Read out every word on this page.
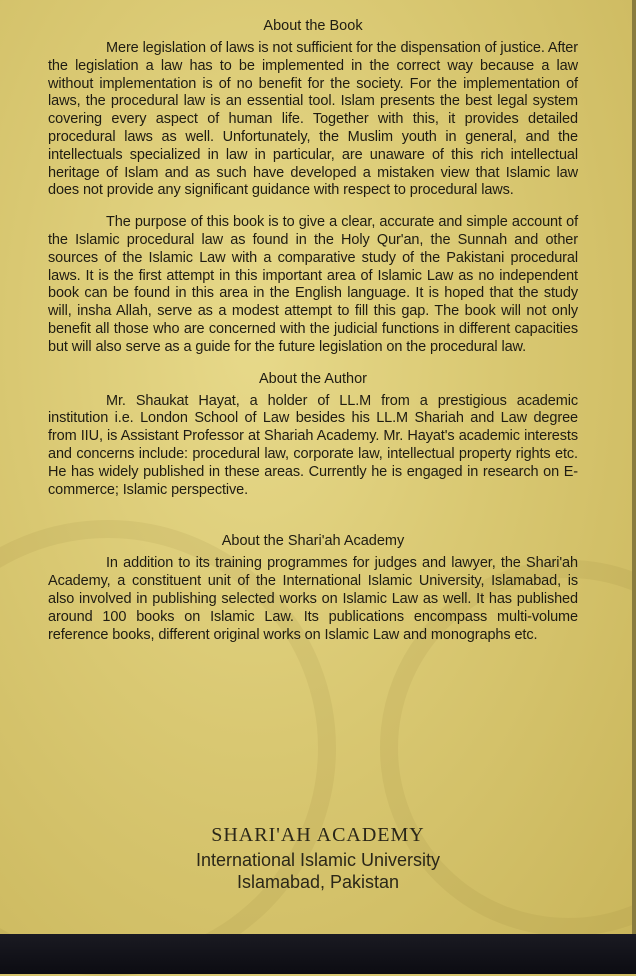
About the Book

Mere legislation of laws is not sufficient for the dispensation of justice. After the legislation a law has to be implemented in the correct way because a law without implementation is of no benefit for the society. For the implementation of laws, the procedural law is an essential tool. Islam presents the best legal system covering every aspect of human life. Together with this, it provides detailed procedural laws as well. Unfortunately, the Muslim youth in general, and the intellectuals specialized in law in particular, are unaware of this rich intellectual heritage of Islam and as such have developed a mistaken view that Islamic law does not provide any significant guidance with respect to procedural laws.

The purpose of this book is to give a clear, accurate and simple account of the Islamic procedural law as found in the Holy Qur'an, the Sunnah and other sources of the Islamic Law with a comparative study of the Pakistani procedural laws. It is the first attempt in this important area of Islamic Law as no independent book can be found in this area in the English language. It is hoped that the study will, insha Allah, serve as a modest attempt to fill this gap. The book will not only benefit all those who are concerned with the judicial functions in different capacities but will also serve as a guide for the future legislation on the procedural law.

About the Author

Mr. Shaukat Hayat, a holder of LL.M from a prestigious academic institution i.e. London School of Law besides his LL.M Shariah and Law degree from IIU, is Assistant Professor at Shariah Academy. Mr. Hayat's academic interests and concerns include: procedural law, corporate law, intellectual property rights etc. He has widely published in these areas. Currently he is engaged in research on E-commerce; Islamic perspective.

About the Shari'ah Academy

In addition to its training programmes for judges and lawyer, the Shari'ah Academy, a constituent unit of the International Islamic University, Islamabad, is also involved in publishing selected works on Islamic Law as well. It has published around 100 books on Islamic Law. Its publications encompass multi-volume reference books, different original works on Islamic Law and monographs etc.

SHARI'AH ACADEMY
International Islamic University
Islamabad, Pakistan
